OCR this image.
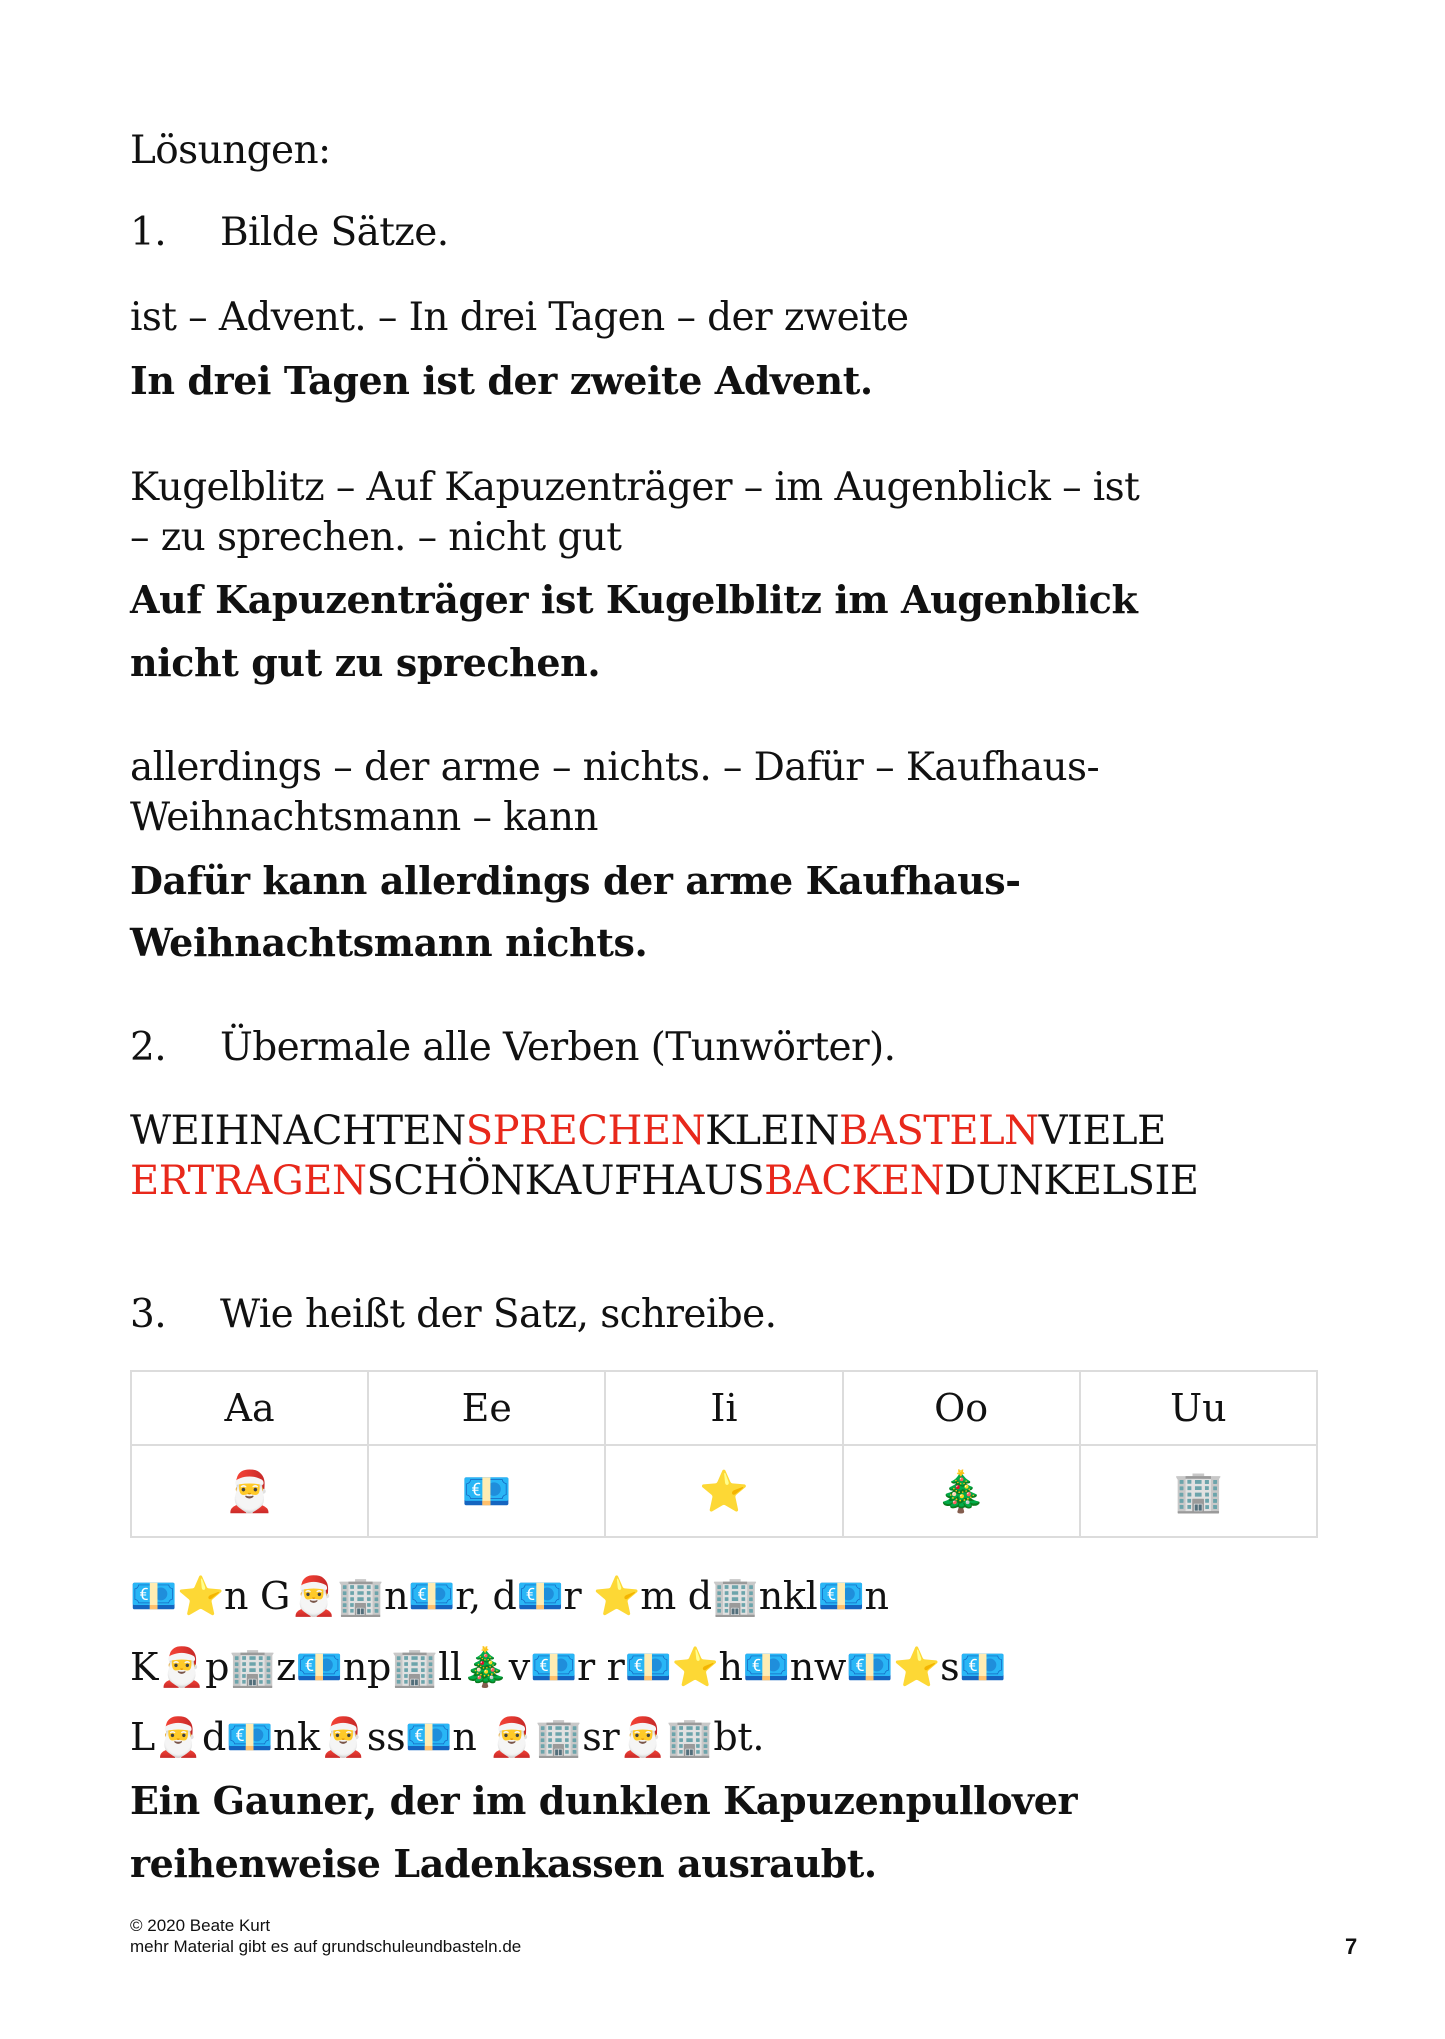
Lösungen:
1. Bilde Sätze.
ist – Advent. – In drei Tagen – der zweite
In drei Tagen ist der zweite Advent.
Kugelblitz – Auf Kapuzenträger – im Augenblick – ist
– zu sprechen. – nicht gut
Auf Kapuzenträger ist Kugelblitz im Augenblick
nicht gut zu sprechen.
allerdings – der arme – nichts. – Dafür – Kaufhaus-
Weihnachtsmann – kann
Dafür kann allerdings der arme Kaufhaus-
Weihnachtsmann nichts.
2. Übermale alle Verben (Tunwörter).
WEIHNACHTENSPRECHENKLEINBASTELNVIELE
ERTRAGENSCHÖNKAUFHAUSBACKENDUNKELSIE
3. Wie heißt der Satz, schreibe.
Aa	Ee	Ii	Oo	Uu
🎅	💶	⭐	🎄	🏢
💶⭐n G🎅🏢n💶r, d💶r ⭐m d🏢nkl💶n
K🎅p🏢z💶np🏢ll🎄v💶r r💶⭐h💶nw💶⭐s💶
L🎅d💶nk🎅ss💶n 🎅🏢sr🎅🏢bt.
Ein Gauner, der im dunklen Kapuzenpullover
reihenweise Ladenkassen ausraubt.
© 2020 Beate Kurt
mehr Material gibt es auf grundschuleundbasteln.de	7
